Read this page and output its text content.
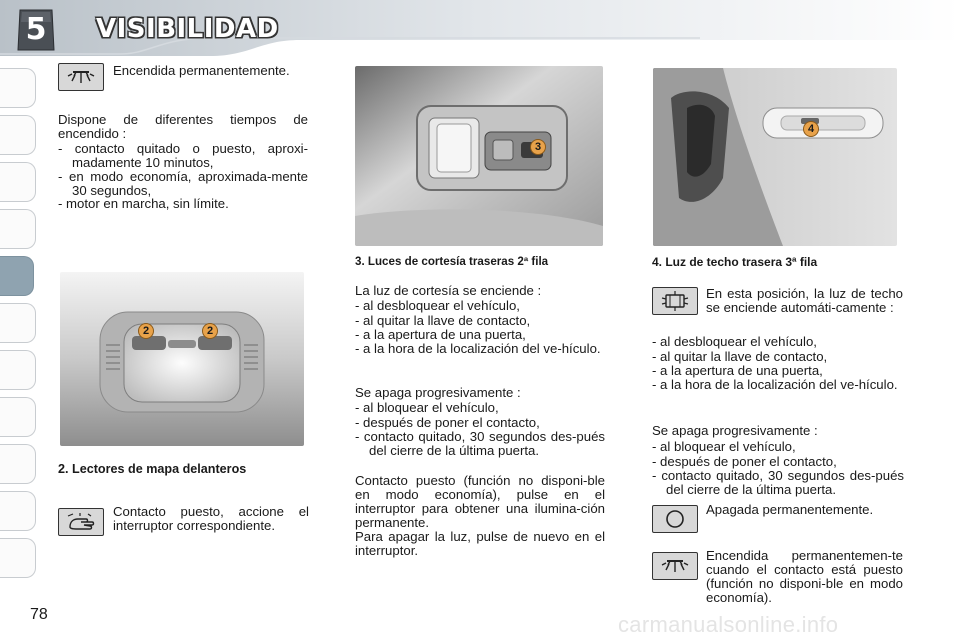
5	VISIBILIDAD
Encendida permanentemente.
Dispone de diferentes tiempos de encendido :
- contacto quitado o puesto, aproxi-madamente 10 minutos,
- en modo economía, aproximada-mente 30 segundos,
- motor en marcha, sin límite.
2	2
2. Lectores de mapa delanteros
Contacto puesto, accione el interruptor correspondiente.
3
3. Luces de cortesía traseras 2ª fila
La luz de cortesía se enciende :
- al desbloquear el vehículo,
- al quitar la llave de contacto,
- a la apertura de una puerta,
- a la hora de la localización del ve-hículo.
Se apaga progresivamente :
- al bloquear el vehículo,
- después de poner el contacto,
- contacto quitado, 30 segundos des-pués del cierre de la última puerta.
Contacto puesto (función no disponi-ble en modo economía), pulse en el interruptor para obtener una ilumina-ción permanente.
Para apagar la luz, pulse de nuevo en el interruptor.
4
4. Luz de techo trasera 3ª fila
En esta posición, la luz de techo se enciende automáti-camente :
- al desbloquear el vehículo,
- al quitar la llave de contacto,
- a la apertura de una puerta,
- a la hora de la localización del ve-hículo.
Se apaga progresivamente :
- al bloquear el vehículo,
- después de poner el contacto,
- contacto quitado, 30 segundos des-pués del cierre de la última puerta.
Apagada permanentemente.
Encendida permanentemen-te cuando el contacto está puesto (función no disponi-ble en modo economía).
78	carmanualsonline.info
